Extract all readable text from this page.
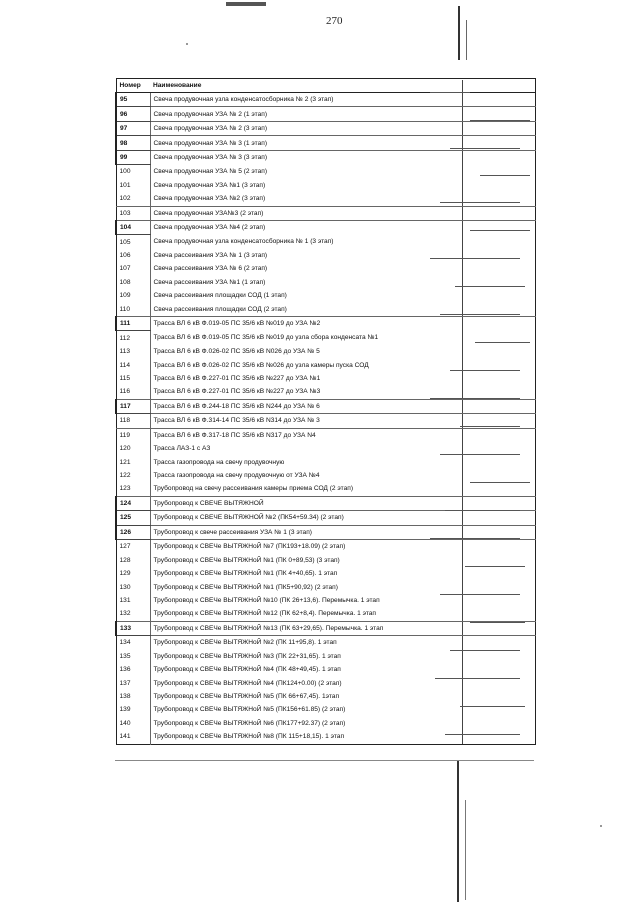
270
Номер	Наименование
95	Свеча продувочная узла конденсатосборника № 2 (3 этап)
96	Свеча продувочная УЗА № 2 (1 этап)
97	Свеча продувочная УЗА № 2 (3 этап)
98	Свеча продувочная УЗА № 3 (1 этап)
99	Свеча продувочная УЗА № 3 (3 этап)
100	Свеча продувочная УЗА № 5 (2 этап)
101	Свеча продувочная УЗА №1 (3 этап)
102	Свеча продувочная УЗА №2 (3 этап)
103	Свеча продувочная УЗА№3 (2 этап)
104	Свеча продувочная УЗА №4 (2 этап)
105	Свеча продувочная узла конденсатосборника № 1 (3 этап)
106	Свеча рассеивания УЗА № 1 (3 этап)
107	Свеча рассеивания УЗА № 6 (2 этап)
108	Свеча рассеивания УЗА №1 (1 этап)
109	Свеча рассеивания площадки СОД (1 этап)
110	Свеча рассеивания площадки СОД (2 этап)
111	Трасса ВЛ 6 кВ Ф.019-05 ПС 35/6 кВ №019 до УЗА №2
112	Трасса ВЛ 6 кВ Ф.019-05 ПС 35/6 кВ №019 до узла сбора конденсата №1
113	Трасса ВЛ 6 кВ Ф.026-02 ПС 35/6 кВ N026 до УЗА № 5
114	Трасса ВЛ 6 кВ Ф.026-02 ПС 35/6 кВ №026 до узла камеры пуска СОД
115	Трасса ВЛ 6 кВ Ф.227-01 ПС 35/6 кВ №227 до УЗА №1
116	Трасса ВЛ 6 кВ Ф.227-01 ПС 35/6 кВ №227 до УЗА №3
117	Трасса ВЛ 6 кВ Ф.244-18 ПС 35/6 кВ N244 до УЗА № 6
118	Трасса ВЛ 6 кВ Ф.314-14 ПС 35/6 кВ N314 до УЗА № 3
119	Трасса ВЛ 6 кВ Ф.317-18 ПС 35/6 кВ N317 до УЗА N4
120	Трасса ЛАЗ-1 с АЗ
121	Трасса газопровода на свечу продувочную
122	Трасса газопровода на свечу продувочную от УЗА №4
123	Трубопровод на свечу рассеивания камеры приема СОД (2 этап)
124	Трубопровод к СВЕЧЕ ВЫТЯЖНОЙ
125	Трубопровод к СВЕЧЕ ВЫТЯЖНОЙ №2 (ПК54+59.34) (2 этап)
126	Трубопровод к свече рассеивания УЗА № 1 (3 этап)
127	Трубопровод к СВЕЧе ВЫТЯЖНоЙ №7 (ПК193+18.09) (2 этап)
128	Трубопровод к СВЕЧе ВЫТЯЖНоЙ №1 (ПК 0+89,53) (3 этап)
129	Трубопровод к СВЕЧе ВЫТЯЖНоЙ №1 (ПК 4+40,65). 1 этап
130	Трубопровод к СВЕЧе ВЫТЯЖНоЙ №1 (ПК5+90,92) (2 этап)
131	Трубопровод к СВЕЧе ВЫТЯЖНоЙ №10 (ПК 26+13,6). Перемычка. 1 этап
132	Трубопровод к СВЕЧе ВЫТЯЖНоЙ №12 (ПК 62+8,4). Перемычка. 1 этап
133	Трубопровод к СВЕЧе ВЫТЯЖНоЙ №13 (ПК 63+29,65). Перемычка. 1 этап
134	Трубопровод к СВЕЧе ВЫТЯЖНоЙ №2 (ПК 11+95,8). 1 этап
135	Трубопровод к СВЕЧе ВЫТЯЖНоЙ №3 (ПК 22+31,65). 1 этап
136	Трубопровод к СВЕЧе ВЫТЯЖНоЙ №4 (ПК 48+49,45). 1 этап
137	Трубопровод к СВЕЧе ВЫТЯЖНоЙ №4 (ПК124+0.00) (2 этап)
138	Трубопровод к СВЕЧе ВЫТЯЖНоЙ №5 (ПК 66+67,45). 1этап
139	Трубопровод к СВЕЧе ВЫТЯЖНоЙ №5 (ПК156+61.85) (2 этап)
140	Трубопровод к СВЕЧе ВЫТЯЖНоЙ №6 (ПК177+92.37) (2 этап)
141	Трубопровод к СВЕЧе ВЫТЯЖНоЙ №8 (ПК 115+18,15). 1 этап
